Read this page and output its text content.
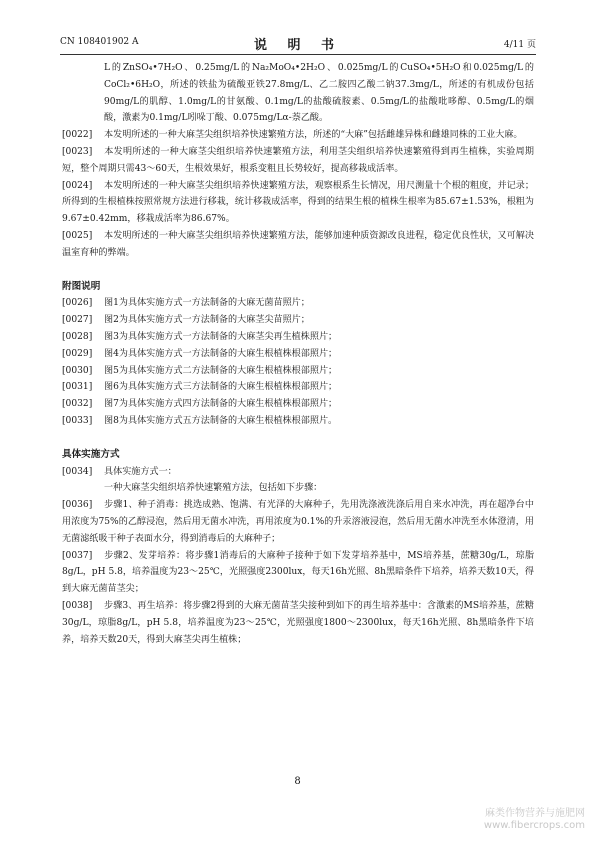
CN 108401902 A	说 明 书	4/11 页

L的ZnSO₄•7H₂O、0.25mg/L的Na₂MoO₄•2H₂O、0.025mg/L的CuSO₄•5H₂O和0.025mg/L的CoCl₂•6H₂O，所述的铁盐为硫酸亚铁27.8mg/L、乙二胺四乙酸二钠37.3mg/L，所述的有机成份包括90mg/L的肌醇、1.0mg/L的甘氨酸、0.1mg/L的盐酸硫胺素、0.5mg/L的盐酸吡哆醇、0.5mg/L的烟酸，激素为0.1mg/L吲哚丁酸、0.075mg/Lα-萘乙酸。

[0022] 本发明所述的一种大麻茎尖组织培养快速繁殖方法，所述的“大麻”包括雌雄异株和雌雄同株的工业大麻。

[0023] 本发明所述的一种大麻茎尖组织培养快速繁殖方法，利用茎尖组织培养快速繁殖得到再生植株，实验周期短，整个周期只需43～60天，生根效果好，根系变粗且长势较好，提高移栽成活率。

[0024] 本发明所述的一种大麻茎尖组织培养快速繁殖方法，观察根系生长情况，用尺测量十个根的粗度，并记录；所得到的生根植株按照常规方法进行移栽，统计移栽成活率，得到的结果生根的植株生根率为85.67±1.53%，根粗为9.67±0.42mm，移栽成活率为86.67%。

[0025] 本发明所述的一种大麻茎尖组织培养快速繁殖方法，能够加速种质资源改良进程，稳定优良性状，又可解决温室育种的弊端。

附图说明

[0026] 图1为具体实施方式一方法制备的大麻无菌苗照片；

[0027] 图2为具体实施方式一方法制备的大麻茎尖苗照片；

[0028] 图3为具体实施方式一方法制备的大麻茎尖再生植株照片；

[0029] 图4为具体实施方式一方法制备的大麻生根植株根部照片；

[0030] 图5为具体实施方式二方法制备的大麻生根植株根部照片；

[0031] 图6为具体实施方式三方法制备的大麻生根植株根部照片；

[0032] 图7为具体实施方式四方法制备的大麻生根植株根部照片；

[0033] 图8为具体实施方式五方法制备的大麻生根植株根部照片。

具体实施方式

[0034] 具体实施方式一：

一种大麻茎尖组织培养快速繁殖方法，包括如下步骤：

[0036] 步骤1、种子消毒：挑选成熟、饱满、有光泽的大麻种子，先用洗涤液洗涤后用自来水冲洗，再在超净台中用浓度为75%的乙醇浸泡，然后用无菌水冲洗，再用浓度为0.1%的升汞溶液浸泡，然后用无菌水冲洗至水体澄清，用无菌滤纸吸干种子表面水分，得到消毒后的大麻种子；

[0037] 步骤2、发芽培养：将步骤1消毒后的大麻种子接种于如下发芽培养基中，MS培养基，蔗糖30g/L，琼脂8g/L，pH 5.8，培养温度为23～25℃，光照强度2300lux，每天16h光照、8h黑暗条件下培养，培养天数10天，得到大麻无菌苗茎尖；

[0038] 步骤3、再生培养：将步骤2得到的大麻无菌苗茎尖接种到如下的再生培养基中：含激素的MS培养基，蔗糖30g/L，琼脂8g/L，pH 5.8，培养温度为23～25℃，光照强度1800～2300lux，每天16h光照、8h黑暗条件下培养，培养天数20天，得到大麻茎尖再生植株；

8
麻类作物营养与施肥网
www.fibercrops.com
